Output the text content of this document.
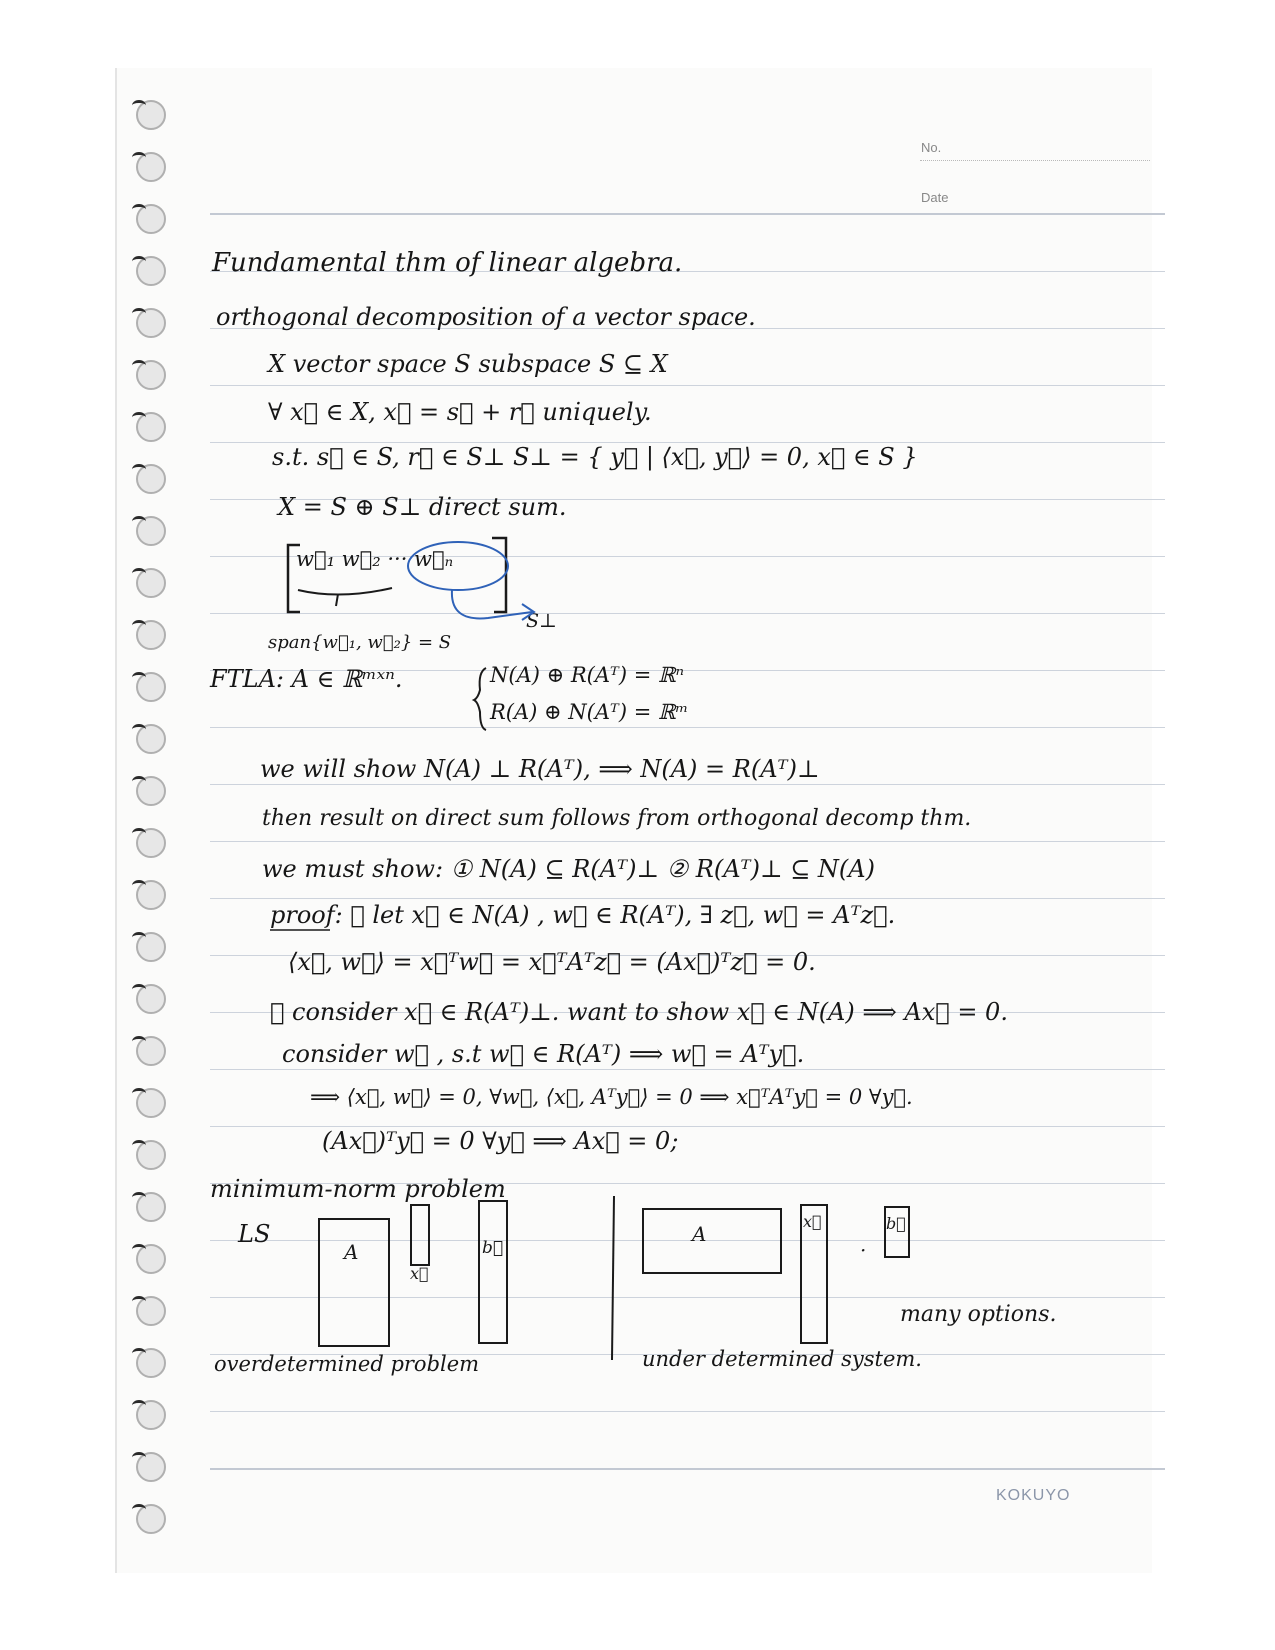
No.
Date
KOKUYO
Fundamental thm of linear algebra.
orthogonal decomposition of a vector space.
X vector space S subspace S ⊆ X
∀ x⃗ ∈ X, x⃗ = s⃗ + r⃗ uniquely.
s.t. s⃗ ∈ S, r⃗ ∈ S⊥ S⊥ = { y⃗ | ⟨x⃗, y⃗⟩ = 0, x⃗ ∈ S }
X = S ⊕ S⊥ direct sum.
w⃗₁ w⃗₂ ··· w⃗ₙ
span{w⃗₁, w⃗₂} = S
S⊥
FTLA: A ∈ ℝᵐˣⁿ.	N(A) ⊕ R(Aᵀ) = ℝⁿ
R(A) ⊕ N(Aᵀ) = ℝᵐ
we will show N(A) ⊥ R(Aᵀ), ⟹ N(A) = R(Aᵀ)⊥
then result on direct sum follows from orthogonal decomp thm.
we must show: ① N(A) ⊆ R(Aᵀ)⊥ ② R(Aᵀ)⊥ ⊆ N(A)
proof: ① let x⃗ ∈ N(A) , w⃗ ∈ R(Aᵀ), ∃ z⃗, w⃗ = Aᵀz⃗.
⟨x⃗, w⃗⟩ = x⃗ᵀw⃗ = x⃗ᵀAᵀz⃗ = (Ax⃗)ᵀz⃗ = 0.
② consider x⃗ ∈ R(Aᵀ)⊥. want to show x⃗ ∈ N(A) ⟹ Ax⃗ = 0.
consider w⃗ , s.t w⃗ ∈ R(Aᵀ) ⟹ w⃗ = Aᵀy⃗.
⟹ ⟨x⃗, w⃗⟩ = 0, ∀w⃗, ⟨x⃗, Aᵀy⃗⟩ = 0 ⟹ x⃗ᵀAᵀy⃗ = 0 ∀y⃗.
(Ax⃗)ᵀy⃗ = 0 ∀y⃗ ⟹ Ax⃗ = 0;
minimum-norm problem
LS
A
x⃗
b⃗
A
x⃗
·
b⃗
many options.
overdetermined problem	under determined system.
